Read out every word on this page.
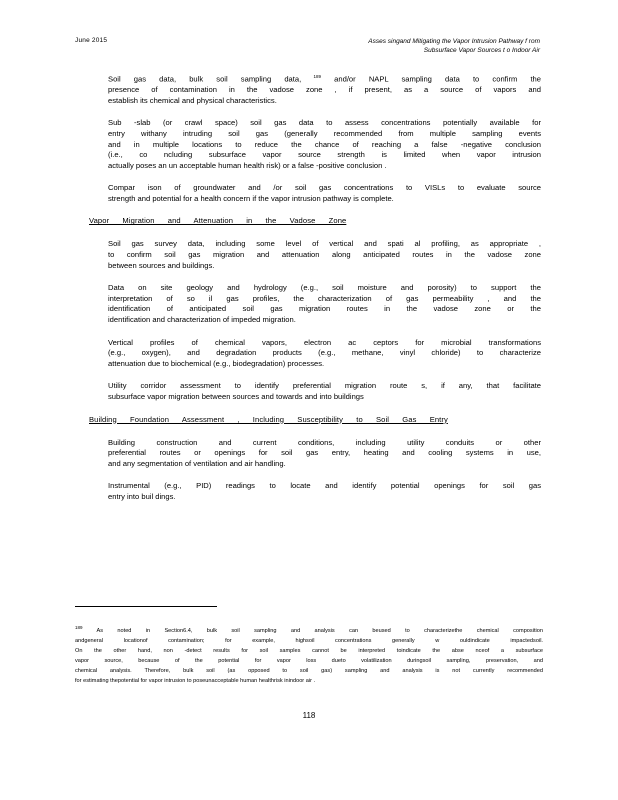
June 2015	Asses singand Mitigating the Vapor Intrusion Pathway f rom
Subsurface Vapor Sources t o Indoor Air
Soil gas data, bulk soil sampling data, $^{189}$ and/or NAPL sampling data to confirm the
presence of contamination in the vadose zone , if present, as a source of vapors and
establish its chemical and physical characteristics.
Sub -slab (or crawl space) soil gas data to assess concentrations potentially available for
entry withany intruding soil gas (generally recommended from multiple sampling events
and in multiple locations to reduce the chance of reaching a false -negative conclusion
(i.e., co ncluding subsurface vapor source strength is limited when vapor intrusion
actually poses an un acceptable human health risk) or a false -positive conclusion .
Compar ison of groundwater and /or soil gas concentrations to VISLs to evaluate source
strength and potential for a health concern if the vapor intrusion pathway is complete.
Vapor Migration and Attenuation in the Vadose Zone
Soil gas survey data, including some level of vertical and spati al profiling, as appropriate ,
to confirm soil gas migration and attenuation along anticipated routes in the vadose zone
between sources and buildings.
Data on site geology and hydrology (e.g., soil moisture and porosity) to support the
interpretation of so il gas profiles, the characterization of gas permeability , and the
identification of anticipated soil gas migration routes in the vadose zone or the
identification and characterization of impeded migration.
Vertical profiles of chemical vapors, electron ac ceptors for microbial transformations
(e.g., oxygen), and degradation products (e.g., methane, vinyl chloride) to characterize
attenuation due to biochemical (e.g., biodegradation) processes.
Utility corridor assessment to identify preferential migration route s, if any, that facilitate
subsurface vapor migration between sources and towards and into buildings
Building Foundation Assessment , Including Susceptibility to Soil Gas Entry
Building construction and current conditions, including utility conduits or other
preferential routes or openings for soil gas entry, heating and cooling systems in use,
and any segmentation of ventilation and air handling.
Instrumental (e.g., PID) readings to locate and identify potential openings for soil gas
entry into buil dings.
$^{189}$ As noted in Section6.4, bulk soil sampling and analysis can beused to characterizethe chemical composition
andgeneral locationof contamination; for example, highsoil concentrations generally w ouldindicate impactedsoil.
On the other hand, non -detect results for soil samples cannot be interpreted toindicate the abse nceof a subsurface
vapor source, because of the potential for vapor loss dueto volatilization duringsoil sampling, preservation, and
chemical analysis. Therefore, bulk soil (as opposed to soil gas) sampling and analysis is not currently recommended
for estimating thepotential for vapor intrusion to poseunacceptable human healthrisk inindoor air .
118
